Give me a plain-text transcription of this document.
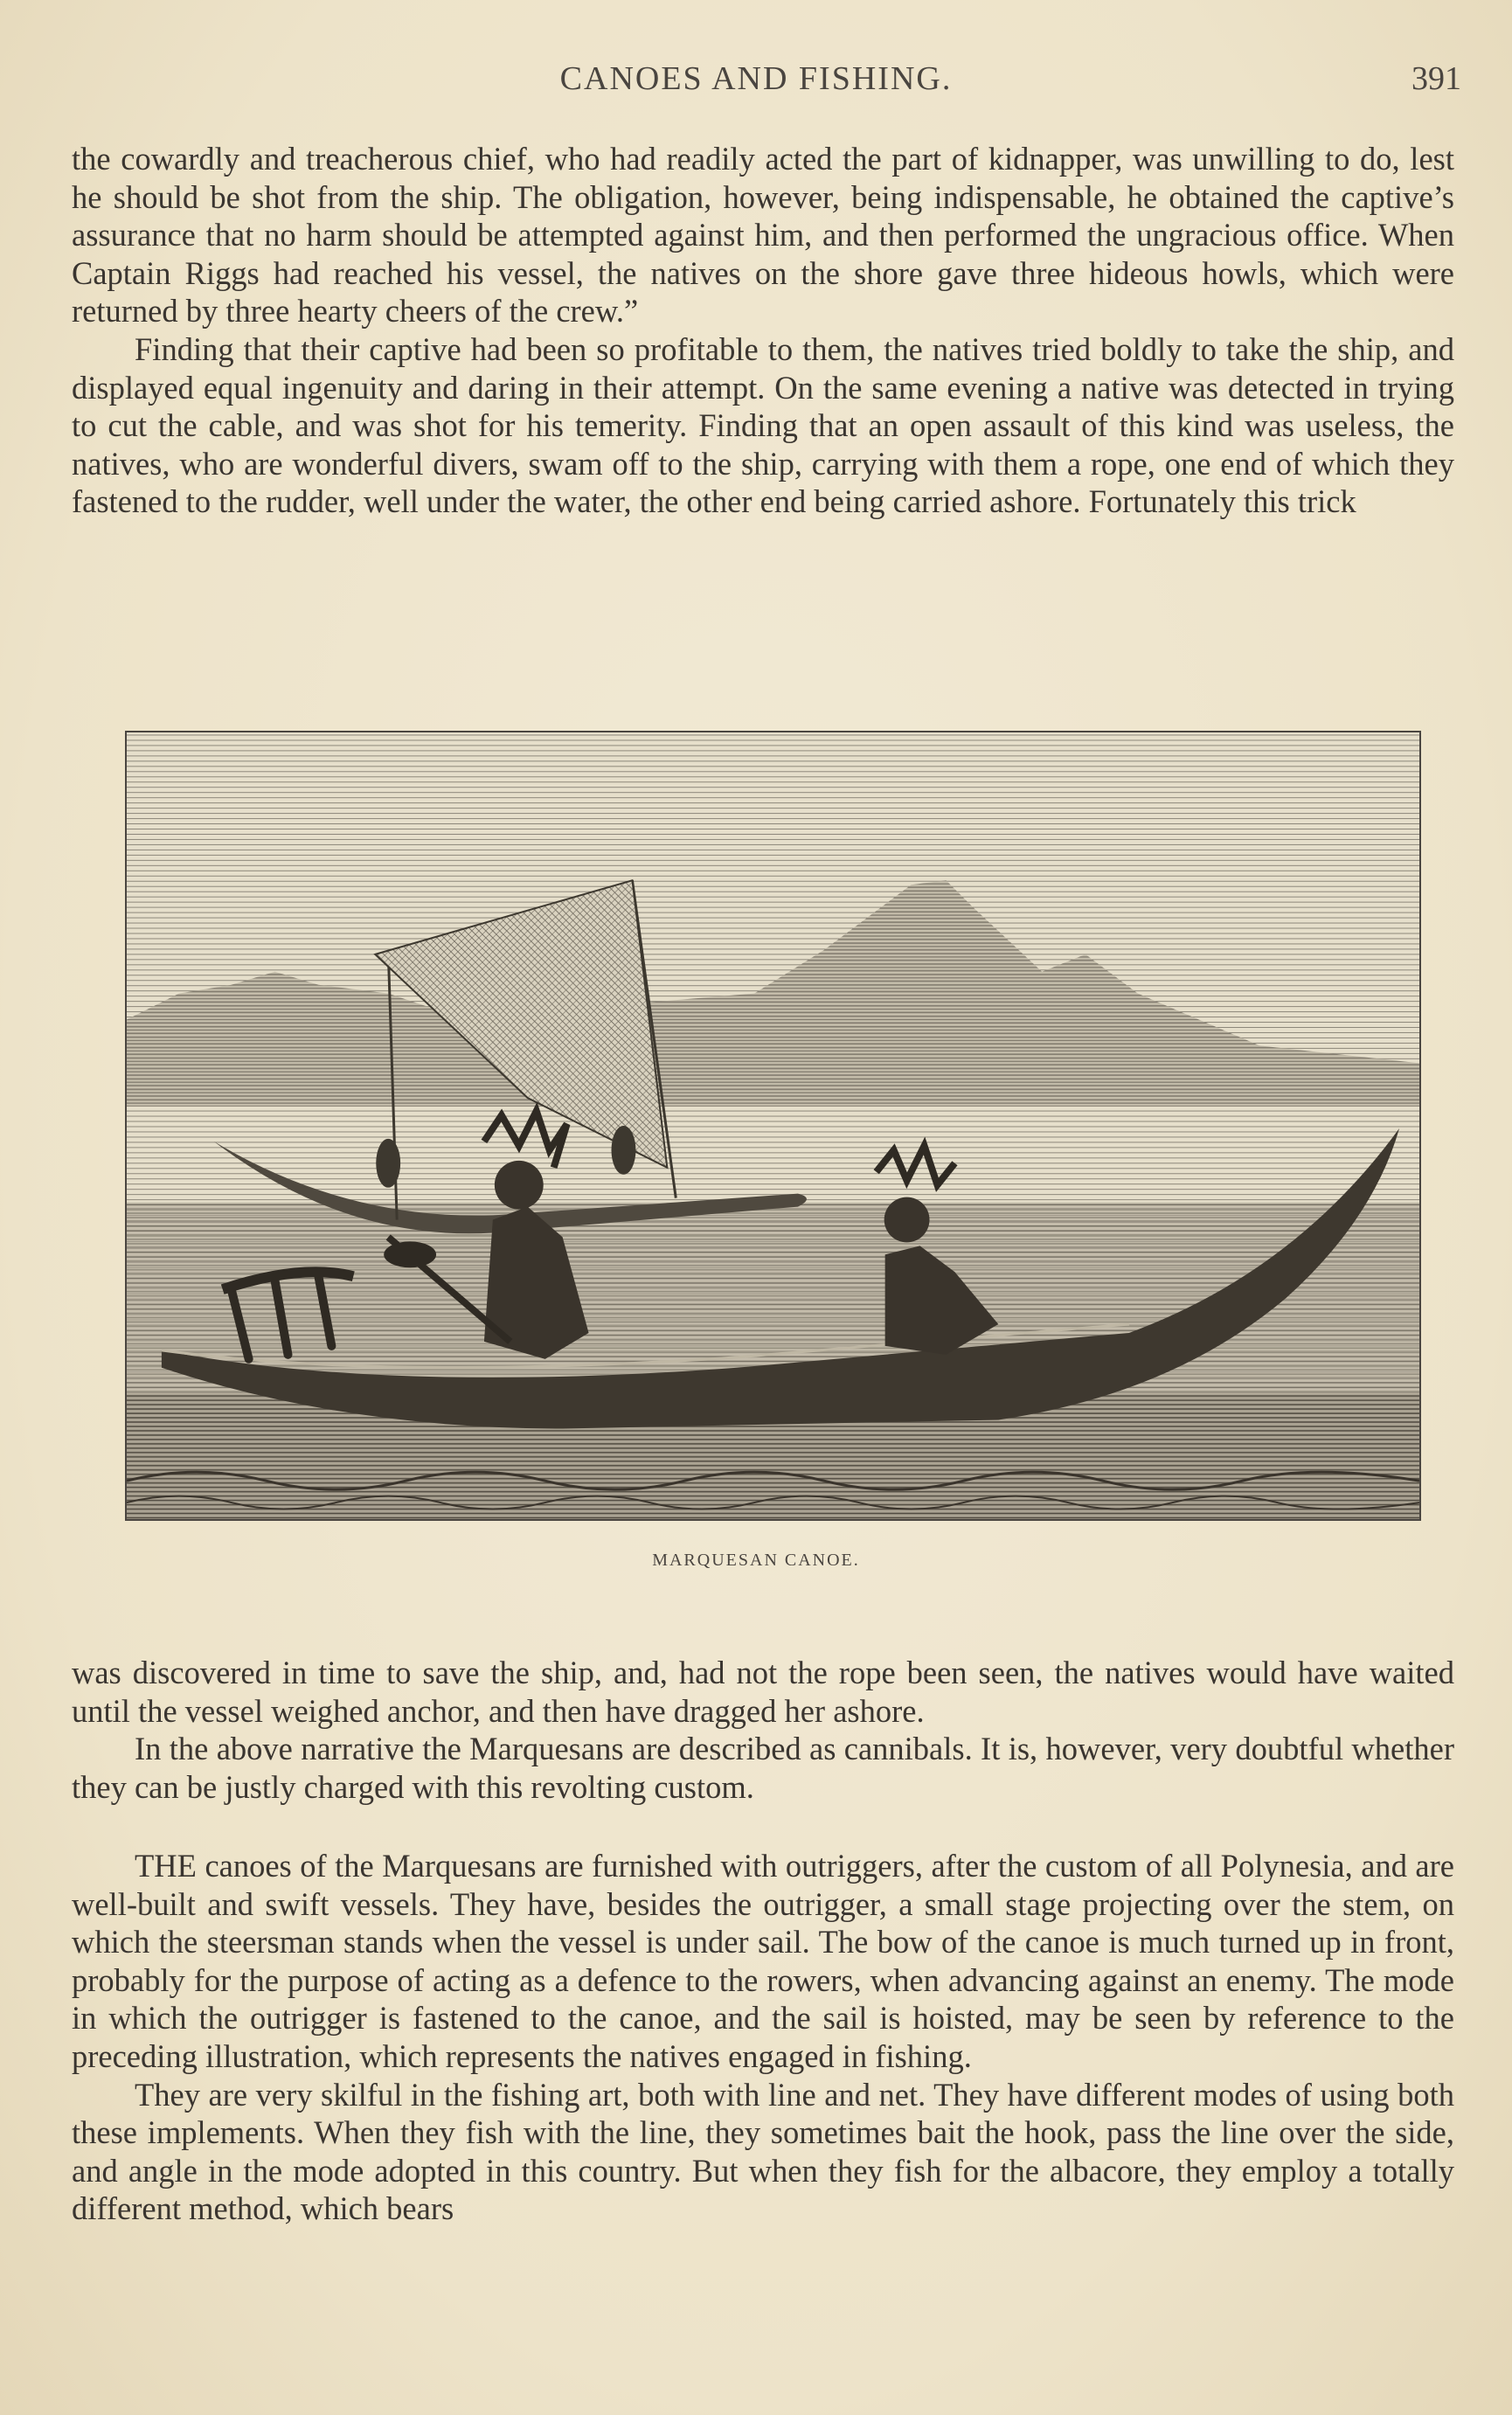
CANOES AND FISHING.	391

the cowardly and treacherous chief, who had readily acted the part of kidnapper, was unwilling to do, lest he should be shot from the ship. The obligation, however, being indispensable, he obtained the captive’s assurance that no harm should be attempted against him, and then performed the ungracious office. When Captain Riggs had reached his vessel, the natives on the shore gave three hideous howls, which were returned by three hearty cheers of the crew.”

Finding that their captive had been so profitable to them, the natives tried boldly to take the ship, and displayed equal ingenuity and daring in their attempt. On the same evening a native was detected in trying to cut the cable, and was shot for his temerity. Finding that an open assault of this kind was useless, the natives, who are wonderful divers, swam off to the ship, carrying with them a rope, one end of which they fastened to the rudder, well under the water, the other end being carried ashore. Fortunately this trick

MARQUESAN CANOE.

was discovered in time to save the ship, and, had not the rope been seen, the natives would have waited until the vessel weighed anchor, and then have dragged her ashore.

In the above narrative the Marquesans are described as cannibals. It is, however, very doubtful whether they can be justly charged with this revolting custom.

THE canoes of the Marquesans are furnished with outriggers, after the custom of all Polynesia, and are well-built and swift vessels. They have, besides the outrigger, a small stage projecting over the stem, on which the steersman stands when the vessel is under sail. The bow of the canoe is much turned up in front, probably for the purpose of acting as a defence to the rowers, when advancing against an enemy. The mode in which the outrigger is fastened to the canoe, and the sail is hoisted, may be seen by reference to the preceding illustration, which represents the natives engaged in fishing.

They are very skilful in the fishing art, both with line and net. They have different modes of using both these implements. When they fish with the line, they sometimes bait the hook, pass the line over the side, and angle in the mode adopted in this country. But when they fish for the albacore, they employ a totally different method, which bears
